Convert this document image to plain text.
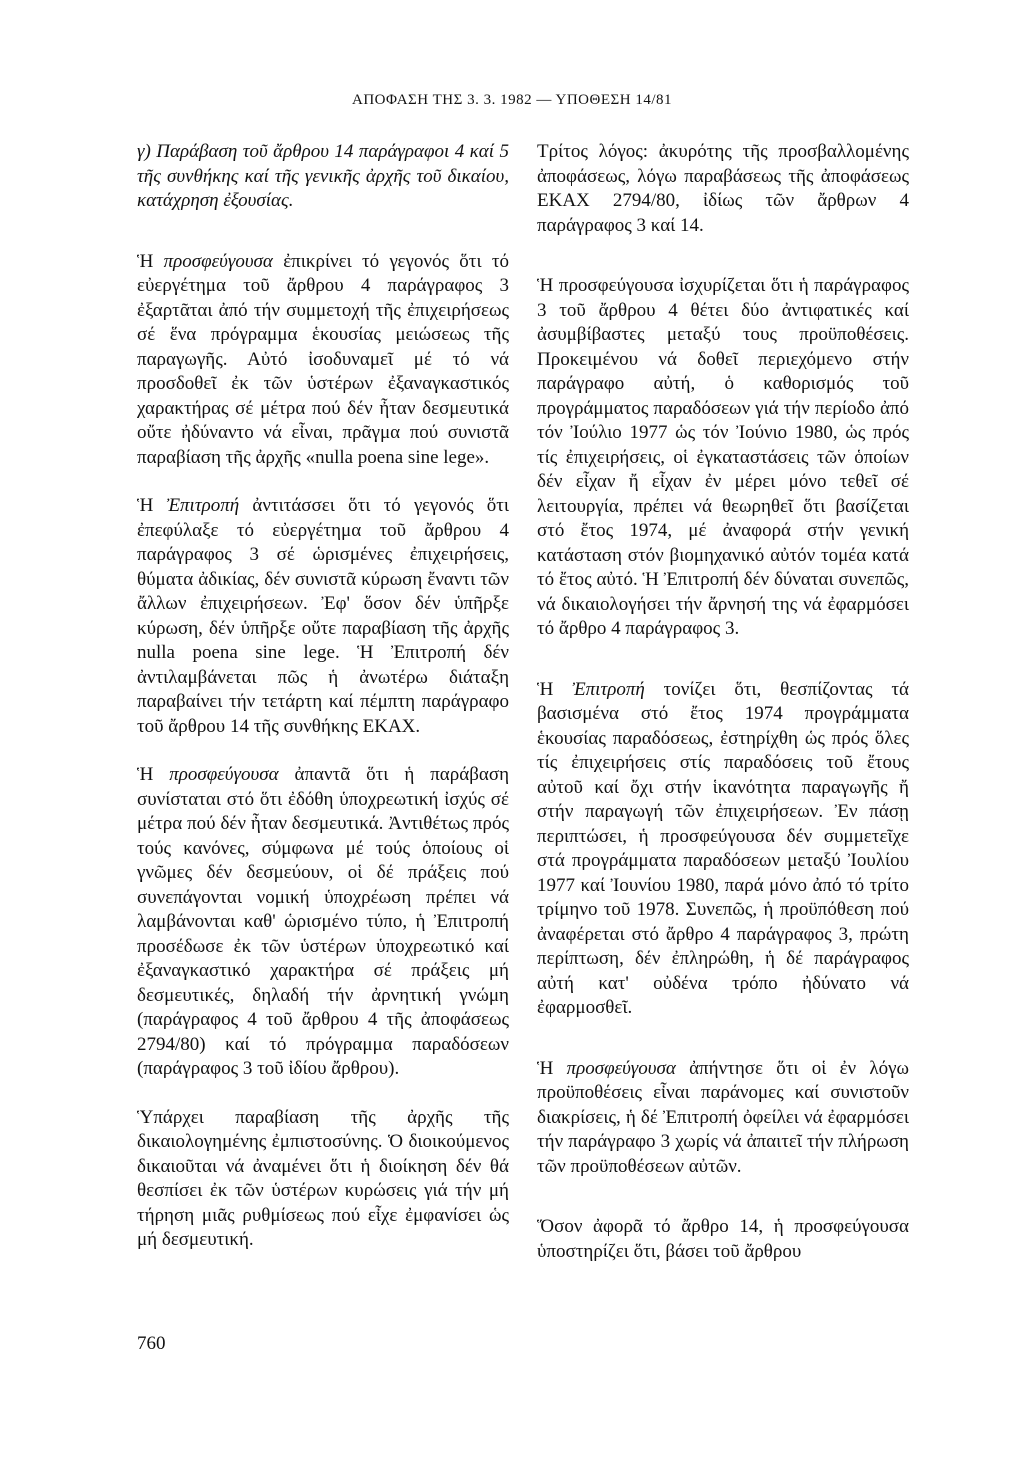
ΑΠΟΦΑΣΗ ΤΗΣ 3. 3. 1982 — ΥΠΟΘΕΣΗ 14/81

γ) Παράβαση τοῦ ἄρθρου 14 παράγραφοι 4 καί 5 τῆς συνθήκης καί τῆς γενικῆς ἀρχῆς τοῦ δικαίου, κατάχρηση ἐξουσίας.

Ἡ προσφεύγουσα ἐπικρίνει τό γεγονός ὅτι τό εὐεργέτημα τοῦ ἄρθρου 4 παράγραφος 3 ἐξαρτᾶται ἀπό τήν συμμετοχή τῆς ἐπιχειρήσεως σέ ἕνα πρόγραμμα ἑκουσίας μειώσεως τῆς παραγωγῆς. Αὐτό ἰσοδυναμεῖ μέ τό νά προσδοθεῖ ἐκ τῶν ὑστέρων ἐξαναγκαστικός χαρακτήρας σέ μέτρα πού δέν ἦταν δεσμευτικά οὔτε ἠδύναντο νά εἶναι, πρᾶγμα πού συνιστᾶ παραβίαση τῆς ἀρχῆς «nulla poena sine lege».

Ἡ Ἐπιτροπή ἀντιτάσσει ὅτι τό γεγονός ὅτι ἐπεφύλαξε τό εὐεργέτημα τοῦ ἄρθρου 4 παράγραφος 3 σέ ὡρισμένες ἐπιχειρήσεις, θύματα ἀδικίας, δέν συνιστᾶ κύρωση ἔναντι τῶν ἄλλων ἐπιχειρήσεων. Ἐφ' ὅσον δέν ὑπῆρξε κύρωση, δέν ὑπῆρξε οὔτε παραβίαση τῆς ἀρχῆς nulla poena sine lege. Ἡ Ἐπιτροπή δέν ἀντιλαμβάνεται πῶς ἡ ἀνωτέρω διάταξη παραβαίνει τήν τετάρτη καί πέμπτη παράγραφο τοῦ ἄρθρου 14 τῆς συνθήκης ΕΚΑΧ.

Ἡ προσφεύγουσα ἀπαντᾶ ὅτι ἡ παράβαση συνίσταται στό ὅτι ἐδόθη ὑποχρεωτική ἰσχύς σέ μέτρα πού δέν ἦταν δεσμευτικά. Ἀντιθέτως πρός τούς κανόνες, σύμφωνα μέ τούς ὁποίους οἱ γνῶμες δέν δεσμεύουν, οἱ δέ πράξεις πού συνεπάγονται νομική ὑποχρέωση πρέπει νά λαμβάνονται καθ' ὡρισμένο τύπο, ἡ Ἐπιτροπή προσέδωσε ἐκ τῶν ὑστέρων ὑποχρεωτικό καί ἐξαναγκαστικό χαρακτήρα σέ πράξεις μή δεσμευτικές, δηλαδή τήν ἀρνητική γνώμη (παράγραφος 4 τοῦ ἄρθρου 4 τῆς ἀποφάσεως 2794/80) καί τό πρόγραμμα παραδόσεων (παράγραφος 3 τοῦ ἰδίου ἄρθρου).

Ὑπάρχει παραβίαση τῆς ἀρχῆς τῆς δικαιολογημένης ἐμπιστοσύνης. Ὁ διοικούμενος δικαιοῦται νά ἀναμένει ὅτι ἡ διοίκηση δέν θά θεσπίσει ἐκ τῶν ὑστέρων κυρώσεις γιά τήν μή τήρηση μιᾶς ρυθμίσεως πού εἶχε ἐμφανίσει ὡς μή δεσμευτική.

Τρίτος λόγος: ἀκυρότης τῆς προσβαλλομένης ἀποφάσεως, λόγω παραβάσεως τῆς ἀποφάσεως ΕΚΑΧ 2794/80, ἰδίως τῶν ἄρθρων 4 παράγραφος 3 καί 14.

Ἡ προσφεύγουσα ἰσχυρίζεται ὅτι ἡ παράγραφος 3 τοῦ ἄρθρου 4 θέτει δύο ἀντιφατικές καί ἀσυμβίβαστες μεταξύ τους προϋποθέσεις. Προκειμένου νά δοθεῖ περιεχόμενο στήν παράγραφο αὐτή, ὁ καθορισμός τοῦ προγράμματος παραδόσεων γιά τήν περίοδο ἀπό τόν Ἰούλιο 1977 ὡς τόν Ἰούνιο 1980, ὡς πρός τίς ἐπιχειρήσεις, οἱ ἐγκαταστάσεις τῶν ὁποίων δέν εἶχαν ἤ εἶχαν ἐν μέρει μόνο τεθεῖ σέ λειτουργία, πρέπει νά θεωρηθεῖ ὅτι βασίζεται στό ἔτος 1974, μέ ἀναφορά στήν γενική κατάσταση στόν βιομηχανικό αὐτόν τομέα κατά τό ἔτος αὐτό. Ἡ Ἐπιτροπή δέν δύναται συνεπῶς, νά δικαιολογήσει τήν ἄρνησή της νά ἐφαρμόσει τό ἄρθρο 4 παράγραφος 3.

Ἡ Ἐπιτροπή τονίζει ὅτι, θεσπίζοντας τά βασισμένα στό ἔτος 1974 προγράμματα ἑκουσίας παραδόσεως, ἐστηρίχθη ὡς πρός ὅλες τίς ἐπιχειρήσεις στίς παραδόσεις τοῦ ἔτους αὐτοῦ καί ὄχι στήν ἱκανότητα παραγωγῆς ἤ στήν παραγωγή τῶν ἐπιχειρήσεων. Ἐν πάσῃ περιπτώσει, ἡ προσφεύγουσα δέν συμμετεῖχε στά προγράμματα παραδόσεων μεταξύ Ἰουλίου 1977 καί Ἰουνίου 1980, παρά μόνο ἀπό τό τρίτο τρίμηνο τοῦ 1978. Συνεπῶς, ἡ προϋπόθεση πού ἀναφέρεται στό ἄρθρο 4 παράγραφος 3, πρώτη περίπτωση, δέν ἐπληρώθη, ἡ δέ παράγραφος αὐτή κατ' οὐδένα τρόπο ἠδύνατο νά ἐφαρμοσθεῖ.

Ἡ προσφεύγουσα ἀπήντησε ὅτι οἱ ἐν λόγω προϋποθέσεις εἶναι παράνομες καί συνιστοῦν διακρίσεις, ἡ δέ Ἐπιτροπή ὀφείλει νά ἐφαρμόσει τήν παράγραφο 3 χωρίς νά ἀπαιτεῖ τήν πλήρωση τῶν προϋποθέσεων αὐτῶν.

Ὅσον ἀφορᾶ τό ἄρθρο 14, ἡ προσφεύγουσα ὑποστηρίζει ὅτι, βάσει τοῦ ἄρθρου

760
